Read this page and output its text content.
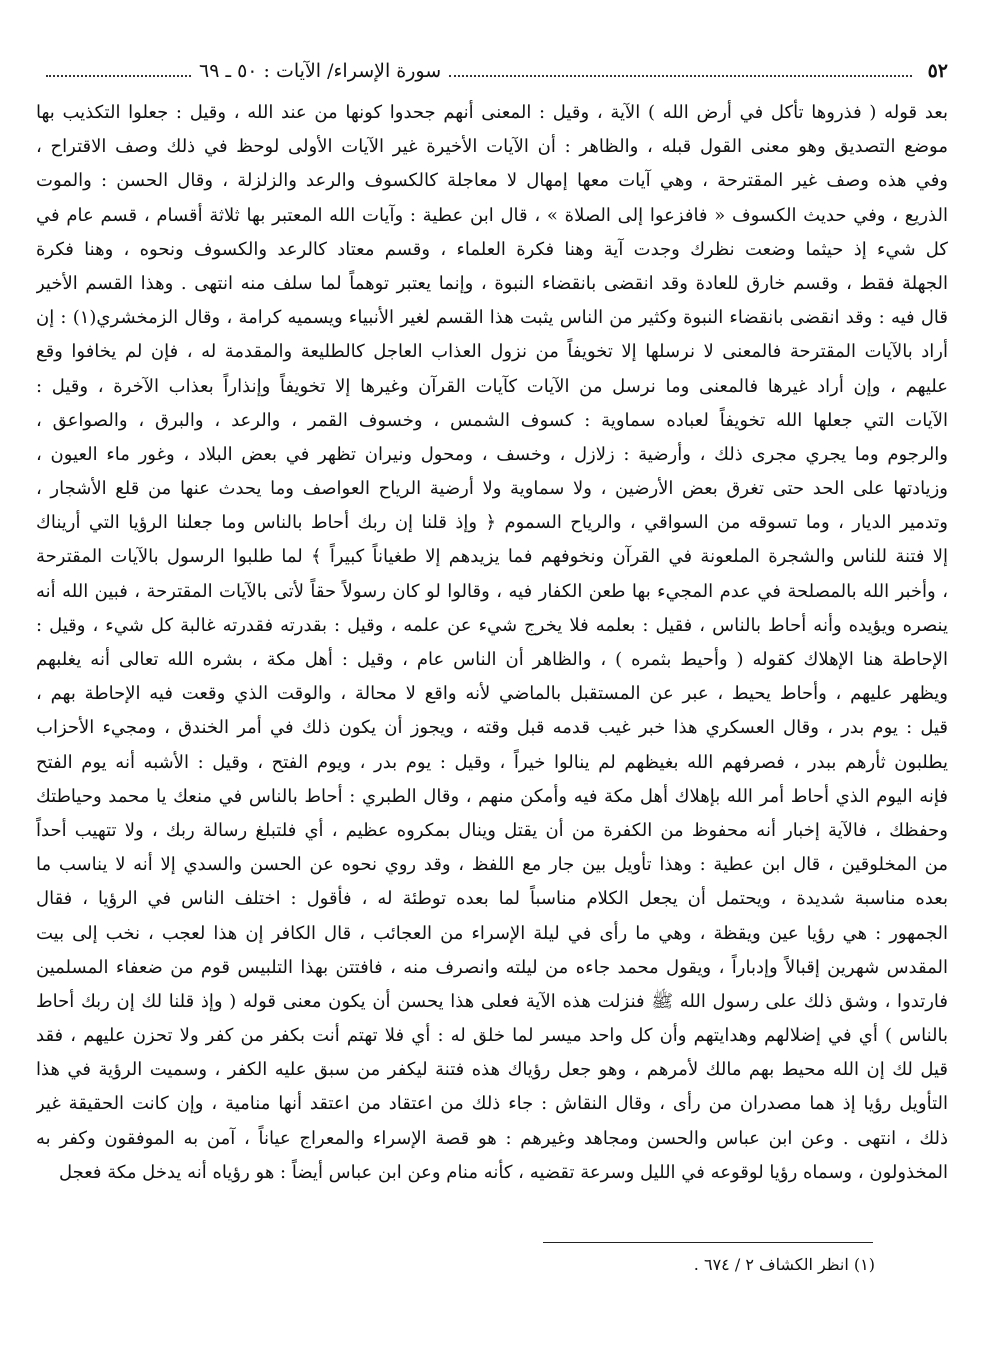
٥٢
سورة الإسراء/ الآيات : ٥٠ ـ ٦٩
بعد قوله ( فذروها تأكل في أرض الله ) الآية ، وقيل : المعنى أنهم جحدوا كونها من عند الله ، وقيل : جعلوا التكذيب بها
موضع التصديق وهو معنى القول قبله ، والظاهر : أن الآيات الأخيرة غير الآيات الأولى لوحظ في ذلك وصف الاقتراح ،
وفي هذه وصف غير المقترحة ، وهي آيات معها إمهال لا معاجلة كالكسوف والرعد والزلزلة ، وقال الحسن : والموت
الذريع ، وفي حديث الكسوف « فافزعوا إلى الصلاة » ، قال ابن عطية : وآيات الله المعتبر بها ثلاثة أقسام ، قسم عام في
كل شيء إذ حيثما وضعت نظرك وجدت آية وهنا فكرة العلماء ، وقسم معتاد كالرعد والكسوف ونحوه ، وهنا فكرة
الجهلة فقط ، وقسم خارق للعادة وقد انقضى بانقضاء النبوة ، وإنما يعتبر توهماً لما سلف منه انتهى . وهذا القسم الأخير
قال فيه : وقد انقضى بانقضاء النبوة وكثير من الناس يثبت هذا القسم لغير الأنبياء ويسميه كرامة ، وقال الزمخشري(١) : إن
أراد بالآيات المقترحة فالمعنى لا نرسلها إلا تخويفاً من نزول العذاب العاجل كالطليعة والمقدمة له ، فإن لم يخافوا وقع
عليهم ، وإن أراد غيرها فالمعنى وما نرسل من الآيات كآيات القرآن وغيرها إلا تخويفاً وإنذاراً بعذاب الآخرة ، وقيل :
الآيات التي جعلها الله تخويفاً لعباده سماوية : كسوف الشمس ، وخسوف القمر ، والرعد ، والبرق ، والصواعق ،
والرجوم وما يجري مجرى ذلك ، وأرضية : زلازل ، وخسف ، ومحول ونيران تظهر في بعض البلاد ، وغور ماء العيون ،
وزيادتها على الحد حتى تغرق بعض الأرضين ، ولا سماوية ولا أرضية الرياح العواصف وما يحدث عنها من قلع الأشجار ،
وتدمير الديار ، وما تسوقه من السواقي ، والرياح السموم ﴿ وإذ قلنا إن ربك أحاط بالناس وما جعلنا الرؤيا التي أريناك
إلا فتنة للناس والشجرة الملعونة في القرآن ونخوفهم فما يزيدهم إلا طغياناً كبيراً ﴾ لما طلبوا الرسول بالآيات المقترحة
، وأخبر الله بالمصلحة في عدم المجيء بها طعن الكفار فيه ، وقالوا لو كان رسولاً حقاً لأتى بالآيات المقترحة ، فبين الله أنه
ينصره ويؤيده وأنه أحاط بالناس ، فقيل : بعلمه فلا يخرج شيء عن علمه ، وقيل : بقدرته فقدرته غالبة كل شيء ، وقيل :
الإحاطة هنا الإهلاك كقوله ( وأحيط بثمره ) ، والظاهر أن الناس عام ، وقيل : أهل مكة ، بشره الله تعالى أنه يغلبهم
ويظهر عليهم ، وأحاط يحيط ، عبر عن المستقبل بالماضي لأنه واقع لا محالة ، والوقت الذي وقعت فيه الإحاطة بهم ،
قيل : يوم بدر ، وقال العسكري هذا خبر غيب قدمه قبل وقته ، ويجوز أن يكون ذلك في أمر الخندق ، ومجيء الأحزاب
يطلبون ثأرهم ببدر ، فصرفهم الله بغيظهم لم ينالوا خيراً ، وقيل : يوم بدر ، ويوم الفتح ، وقيل : الأشبه أنه يوم الفتح
فإنه اليوم الذي أحاط أمر الله بإهلاك أهل مكة فيه وأمكن منهم ، وقال الطبري : أحاط بالناس في منعك يا محمد وحياطتك
وحفظك ، فالآية إخبار أنه محفوظ من الكفرة من أن يقتل وينال بمكروه عظيم ، أي فلتبلغ رسالة ربك ، ولا تتهيب أحداً
من المخلوقين ، قال ابن عطية : وهذا تأويل بين جار مع اللفظ ، وقد روي نحوه عن الحسن والسدي إلا أنه لا يناسب ما
بعده مناسبة شديدة ، ويحتمل أن يجعل الكلام مناسباً لما بعده توطئة له ، فأقول : اختلف الناس في الرؤيا ، فقال
الجمهور : هي رؤيا عين ويقظة ، وهي ما رأى في ليلة الإسراء من العجائب ، قال الكافر إن هذا لعجب ، نخب إلى بيت
المقدس شهرين إقبالاً وإدباراً ، ويقول محمد جاءه من ليلته وانصرف منه ، فافتتن بهذا التلبيس قوم من ضعفاء المسلمين
فارتدوا ، وشق ذلك على رسول الله ﷺ فنزلت هذه الآية فعلى هذا يحسن أن يكون معنى قوله ( وإذ قلنا لك إن ربك أحاط
بالناس ) أي في إضلالهم وهدايتهم وأن كل واحد ميسر لما خلق له : أي فلا تهتم أنت بكفر من كفر ولا تحزن عليهم ، فقد
قيل لك إن الله محيط بهم مالك لأمرهم ، وهو جعل رؤياك هذه فتنة ليكفر من سبق عليه الكفر ، وسميت الرؤية في هذا
التأويل رؤيا إذ هما مصدران من رأى ، وقال النقاش : جاء ذلك من اعتقاد من اعتقد أنها منامية ، وإن كانت الحقيقة غير
ذلك ، انتهى . وعن ابن عباس والحسن ومجاهد وغيرهم : هو قصة الإسراء والمعراج عياناً ، آمن به الموفقون وكفر به
المخذولون ، وسماه رؤيا لوقوعه في الليل وسرعة تقضيه ، كأنه منام وعن ابن عباس أيضاً : هو رؤياه أنه يدخل مكة فعجل
(١) انظر الكشاف ٢ / ٦٧٤ .
